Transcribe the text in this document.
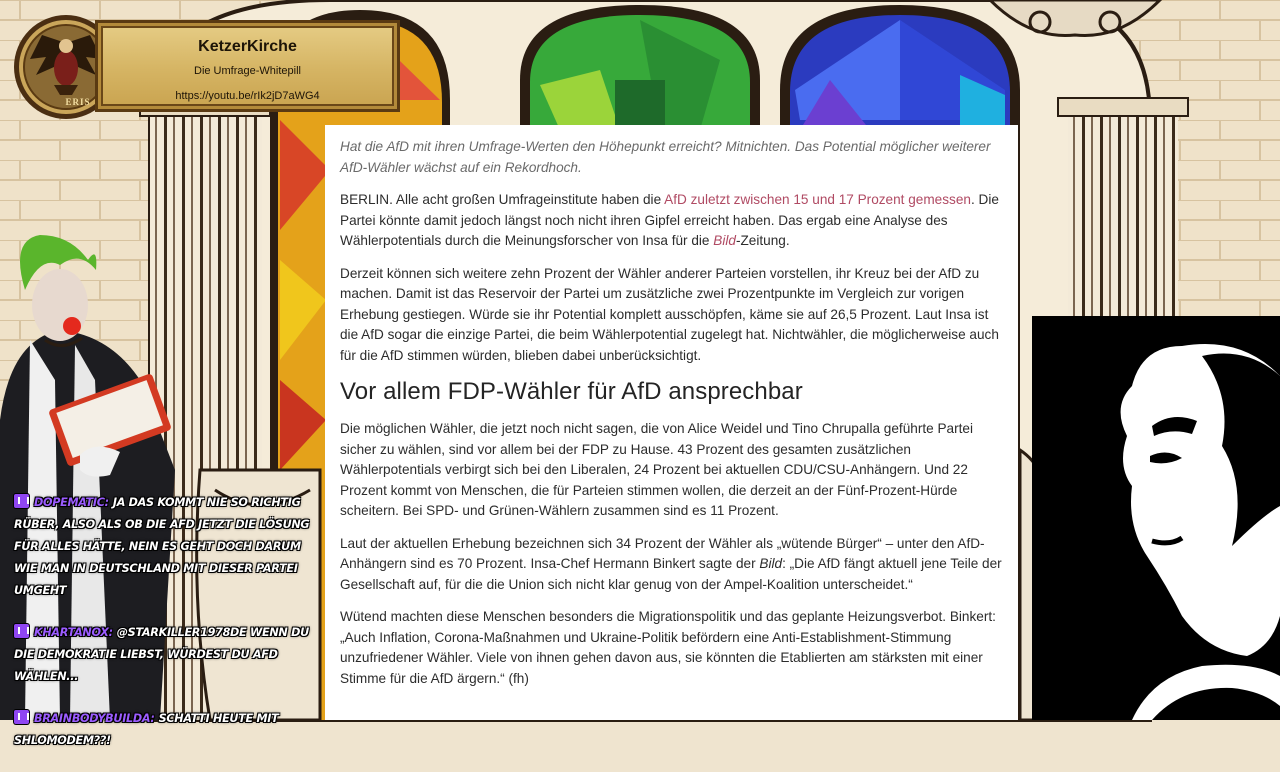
ERIS
KetzerKirche
Die Umfrage-Whitepill
https://youtu.be/rIk2jD7aWG4

Hat die AfD mit ihren Umfrage-Werten den Höhepunkt erreicht? Mitnichten. Das Potential möglicher weiterer AfD-Wähler wächst auf ein Rekordhoch.

BERLIN. Alle acht großen Umfrageinstitute haben die AfD zuletzt zwischen 15 und 17 Prozent gemessen. Die Partei könnte damit jedoch längst noch nicht ihren Gipfel erreicht haben. Das ergab eine Analyse des Wählerpotentials durch die Meinungsforscher von Insa für die Bild-Zeitung.

Derzeit können sich weitere zehn Prozent der Wähler anderer Parteien vorstellen, ihr Kreuz bei der AfD zu machen. Damit ist das Reservoir der Partei um zusätzliche zwei Prozentpunkte im Vergleich zur vorigen Erhebung gestiegen. Würde sie ihr Potential komplett ausschöpfen, käme sie auf 26,5 Prozent. Laut Insa ist die AfD sogar die einzige Partei, die beim Wählerpotential zugelegt hat. Nichtwähler, die möglicherweise auch für die AfD stimmen würden, blieben dabei unberücksichtigt.

Vor allem FDP-Wähler für AfD ansprechbar

Die möglichen Wähler, die jetzt noch nicht sagen, die von Alice Weidel und Tino Chrupalla geführte Partei sicher zu wählen, sind vor allem bei der FDP zu Hause. 43 Prozent des gesamten zusätzlichen Wählerpotentials verbirgt sich bei den Liberalen, 24 Prozent bei aktuellen CDU/CSU-Anhängern. Und 22 Prozent kommt von Menschen, die für Parteien stimmen wollen, die derzeit an der Fünf-Prozent-Hürde scheitern. Bei SPD- und Grünen-Wählern zusammen sind es 11 Prozent.

Laut der aktuellen Erhebung bezeichnen sich 34 Prozent der Wähler als „wütende Bürger“ – unter den AfD-Anhängern sind es 70 Prozent. Insa-Chef Hermann Binkert sagte der Bild: „Die AfD fängt aktuell jene Teile der Gesellschaft auf, für die die Union sich nicht klar genug von der Ampel-Koalition unterscheidet.“

Wütend machten diese Menschen besonders die Migrationspolitik und das geplante Heizungsverbot. Binkert: „Auch Inflation, Corona-Maßnahmen und Ukraine-Politik befördern eine Anti-Establishment-Stimmung unzufriedener Wähler. Viele von ihnen gehen davon aus, sie könnten die Etablierten am stärksten mit einer Stimme für die AfD ärgern.“ (fh)

DOPEMATIC: JA DAS KOMMT NIE SO RICHTIG RÜBER, ALSO ALS OB DIE AFD JETZT DIE LÖSUNG FÜR ALLES HÄTTE, NEIN ES GEHT DOCH DARUM WIE MAN IN DEUTSCHLAND MIT DIESER PARTEI UMGEHT
KHARTANOX: @STARKILLER1978DE WENN DU DIE DEMOKRATIE LIEBST, WÜRDEST DU AFD WÄHLEN...
BRAINBODYBUILDA: SCHATTI HEUTE MIT SHLOMODEM??!
